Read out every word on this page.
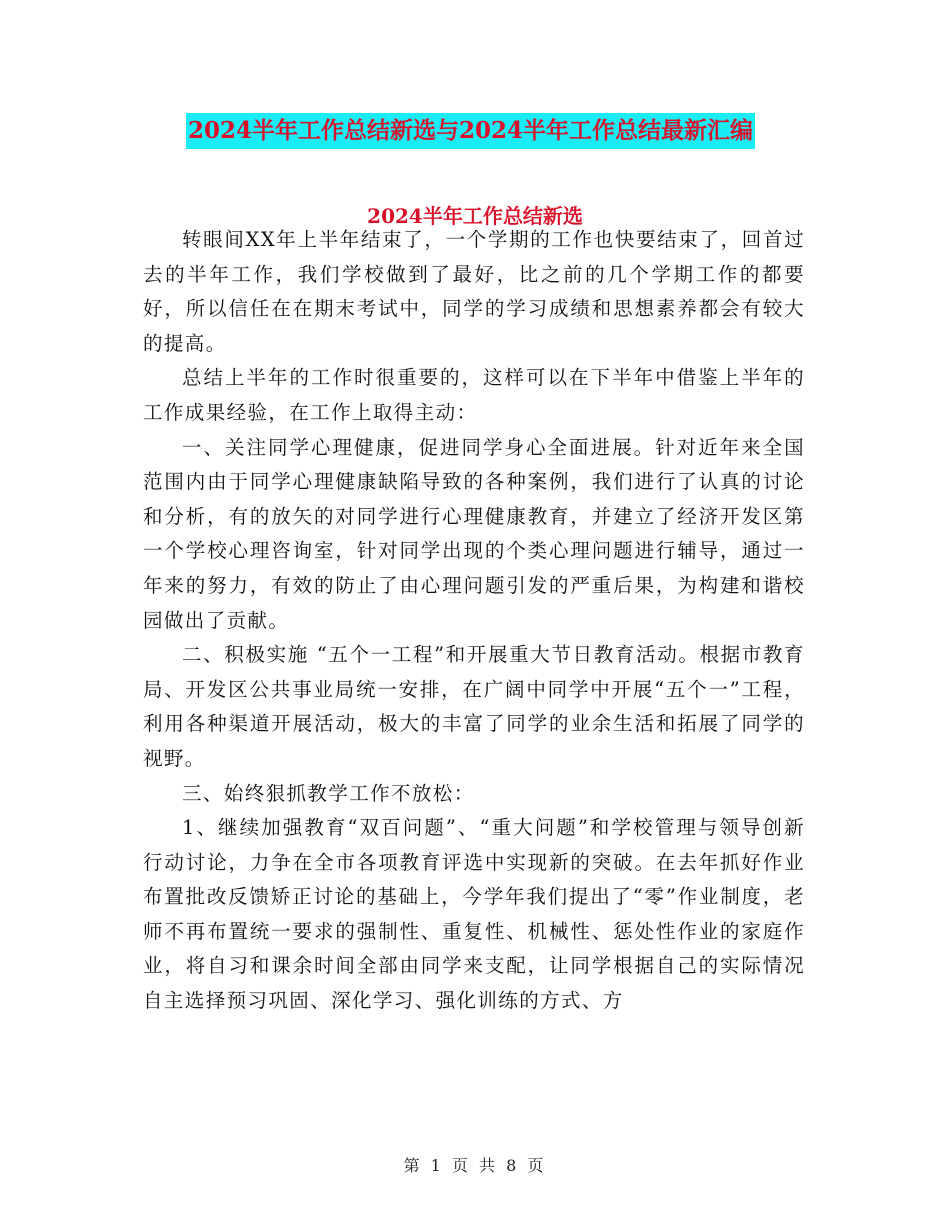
2024半年工作总结新选与2024半年工作总结最新汇编
2024半年工作总结新选

转眼间XX年上半年结束了，一个学期的工作也快要结束了，回首过去的半年工作，我们学校做到了最好，比之前的几个学期工作的都要好，所以信任在在期末考试中，同学的学习成绩和思想素养都会有较大的提高。

总结上半年的工作时很重要的，这样可以在下半年中借鉴上半年的工作成果经验，在工作上取得主动：

一、关注同学心理健康，促进同学身心全面进展。针对近年来全国范围内由于同学心理健康缺陷导致的各种案例，我们进行了认真的讨论和分析，有的放矢的对同学进行心理健康教育，并建立了经济开发区第一个学校心理咨询室，针对同学出现的个类心理问题进行辅导，通过一年来的努力，有效的防止了由心理问题引发的严重后果，为构建和谐校园做出了贡献。

二、积极实施 “五个一工程”和开展重大节日教育活动。根据市教育局、开发区公共事业局统一安排，在广阔中同学中开展“五个一”工程，利用各种渠道开展活动，极大的丰富了同学的业余生活和拓展了同学的视野。

三、始终狠抓教学工作不放松：

1、继续加强教育“双百问题”、“重大问题”和学校管理与领导创新行动讨论，力争在全市各项教育评选中实现新的突破。在去年抓好作业布置批改反馈矫正讨论的基础上，今学年我们提出了“零”作业制度，老师不再布置统一要求的强制性、重复性、机械性、惩处性作业的家庭作业，将自习和课余时间全部由同学来支配，让同学根据自己的实际情况自主选择预习巩固、深化学习、强化训练的方式、方

第 1 页 共 8 页
